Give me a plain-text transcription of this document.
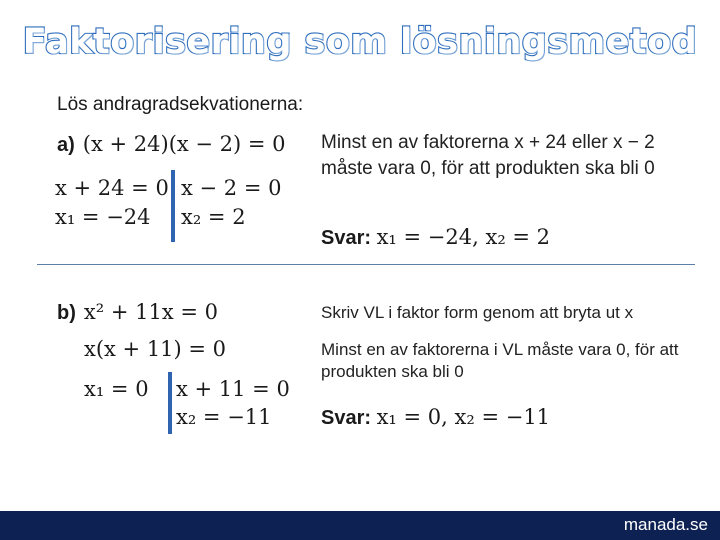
Faktorisering som lösningsmetod
Lös andragradsekvationerna:
a) (x + 24)(x − 2) = 0
x + 24 = 0
x₁ = −24
x − 2 = 0
x₂ = 2
Minst en av faktorerna x + 24 eller x − 2 måste vara 0, för att produkten ska bli 0
Svar: x₁ = −24, x₂ = 2
b) x² + 11x = 0
x(x + 11) = 0
x₁ = 0 x + 11 = 0
x₂ = −11
Skriv VL i faktor form genom att bryta ut x
Minst en av faktorerna i VL måste vara 0, för att produkten ska bli 0
Svar: x₁ = 0, x₂ = −11
manada.se
